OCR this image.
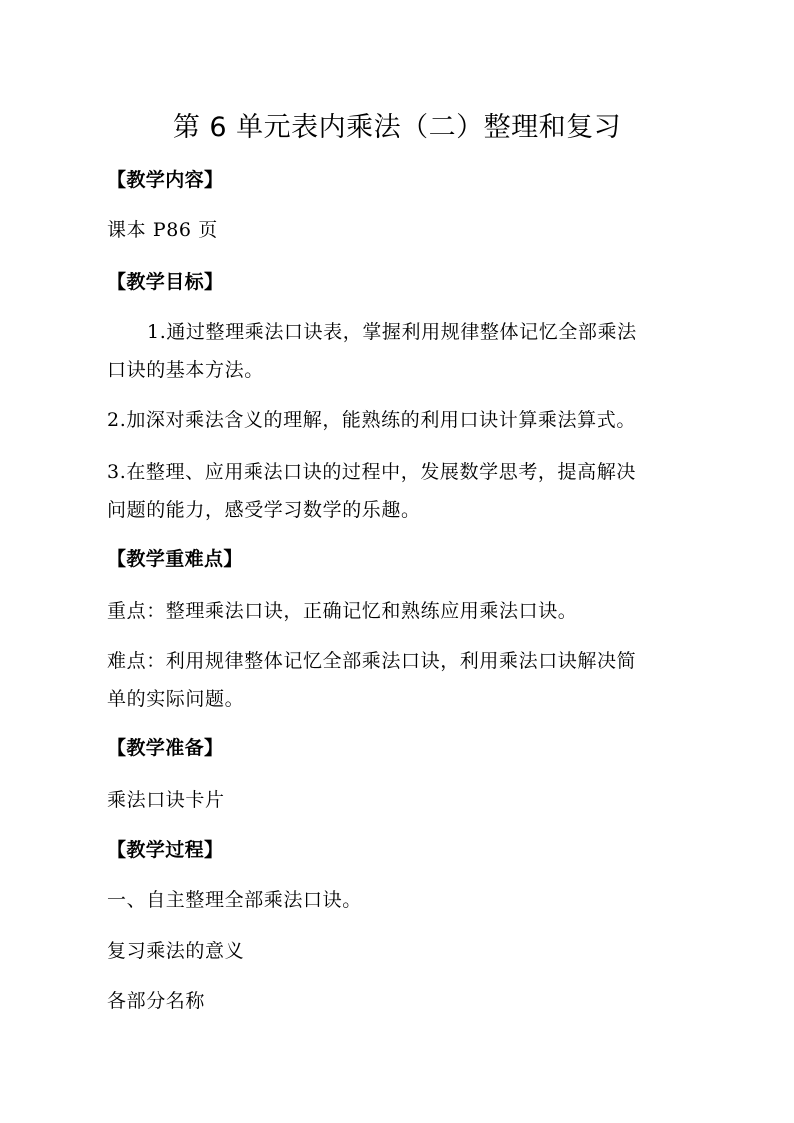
第 6 单元表内乘法（二）整理和复习
【教学内容】
课本 P86 页
【教学目标】
1.通过整理乘法口诀表，掌握利用规律整体记忆全部乘法
口诀的基本方法。
2.加深对乘法含义的理解，能熟练的利用口诀计算乘法算式。
3.在整理、应用乘法口诀的过程中，发展数学思考，提高解决
问题的能力，感受学习数学的乐趣。
【教学重难点】
重点：整理乘法口诀，正确记忆和熟练应用乘法口诀。
难点：利用规律整体记忆全部乘法口诀，利用乘法口诀解决简
单的实际问题。
【教学准备】
乘法口诀卡片
【教学过程】
一、自主整理全部乘法口诀。
复习乘法的意义
各部分名称
